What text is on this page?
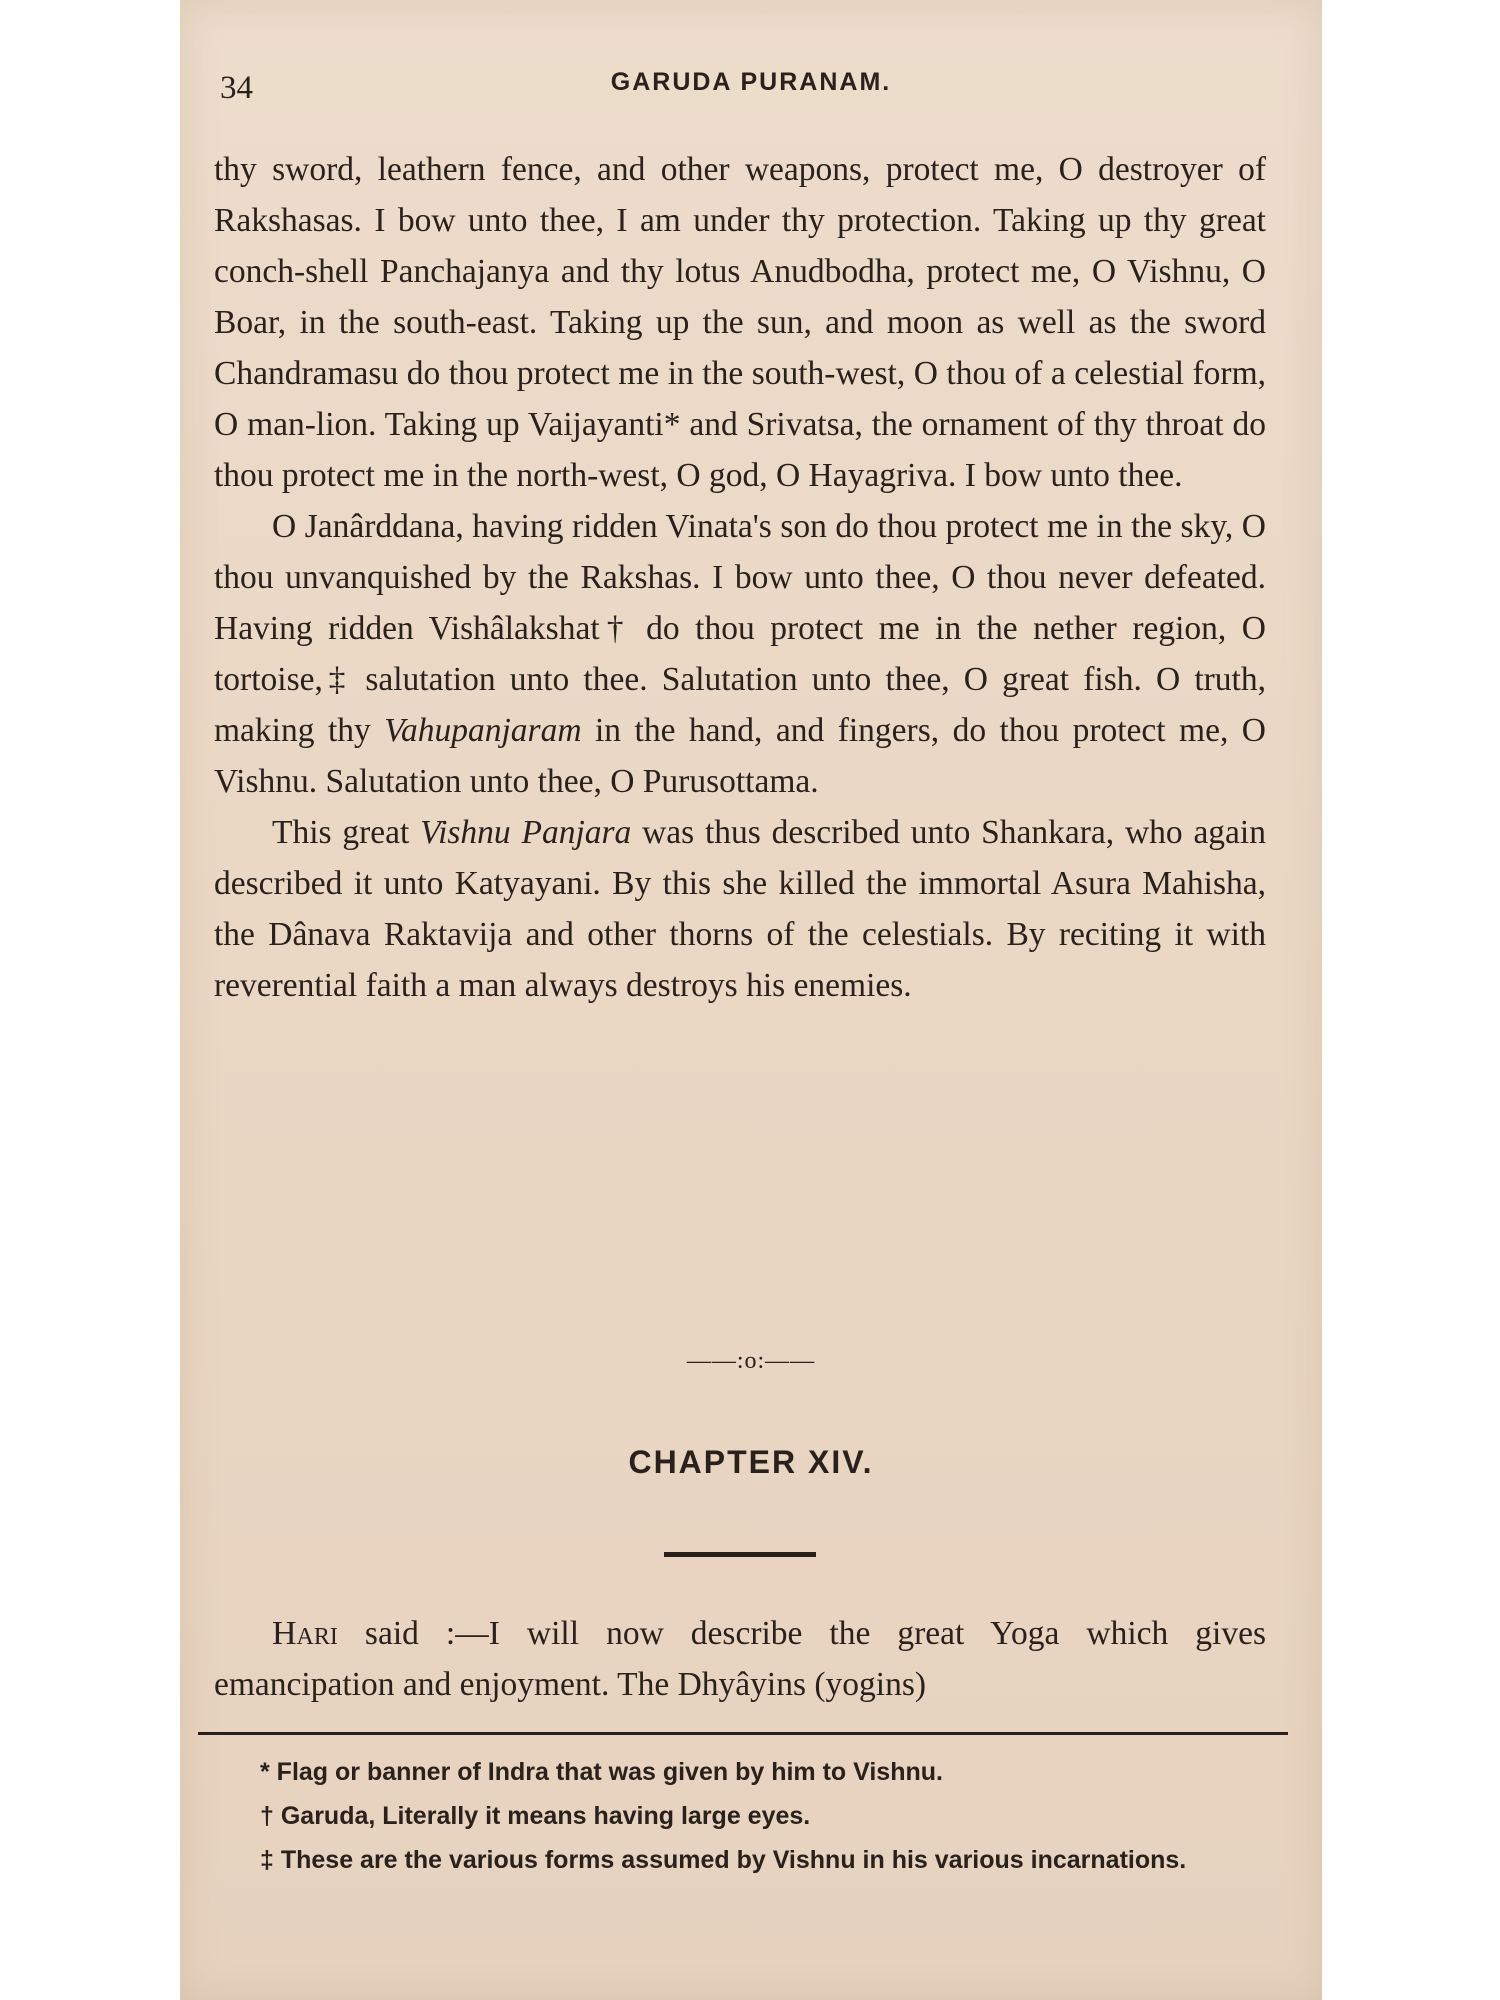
34	GARUDA PURANAM.

thy sword, leathern fence, and other weapons, protect me, O destroyer of Rakshasas. I bow unto thee, I am under thy protection. Taking up thy great conch-shell Panchajanya and thy lotus Anudbodha, protect me, O Vishnu, O Boar, in the south-east. Taking up the sun, and moon as well as the sword Chandramasu do thou protect me in the south-west, O thou of a celestial form, O man-lion. Taking up Vaijayanti* and Srivatsa, the ornament of thy throat do thou protect me in the north-west, O god, O Hayagriva. I bow unto thee.

O Janârddana, having ridden Vinata's son do thou protect me in the sky, O thou unvanquished by the Rakshas. I bow unto thee, O thou never defeated. Having ridden Vishâlakshat† do thou protect me in the nether region, O tortoise,‡ salutation unto thee. Salutation unto thee, O great fish. O truth, making thy Vahupanjaram in the hand, and fingers, do thou protect me, O Vishnu. Salutation unto thee, O Purusottama.

This great Vishnu Panjara was thus described unto Shankara, who again described it unto Katyayani. By this she killed the immortal Asura Mahisha, the Dânava Raktavija and other thorns of the celestials. By reciting it with reverential faith a man always destroys his enemies.

——:o:——
CHAPTER XIV.

Hari said :—I will now describe the great Yoga which gives emancipation and enjoyment. The Dhyâyins (yogins)

* Flag or banner of Indra that was given by him to Vishnu.

† Garuda, Literally it means having large eyes.

‡ These are the various forms assumed by Vishnu in his various incarnations.
